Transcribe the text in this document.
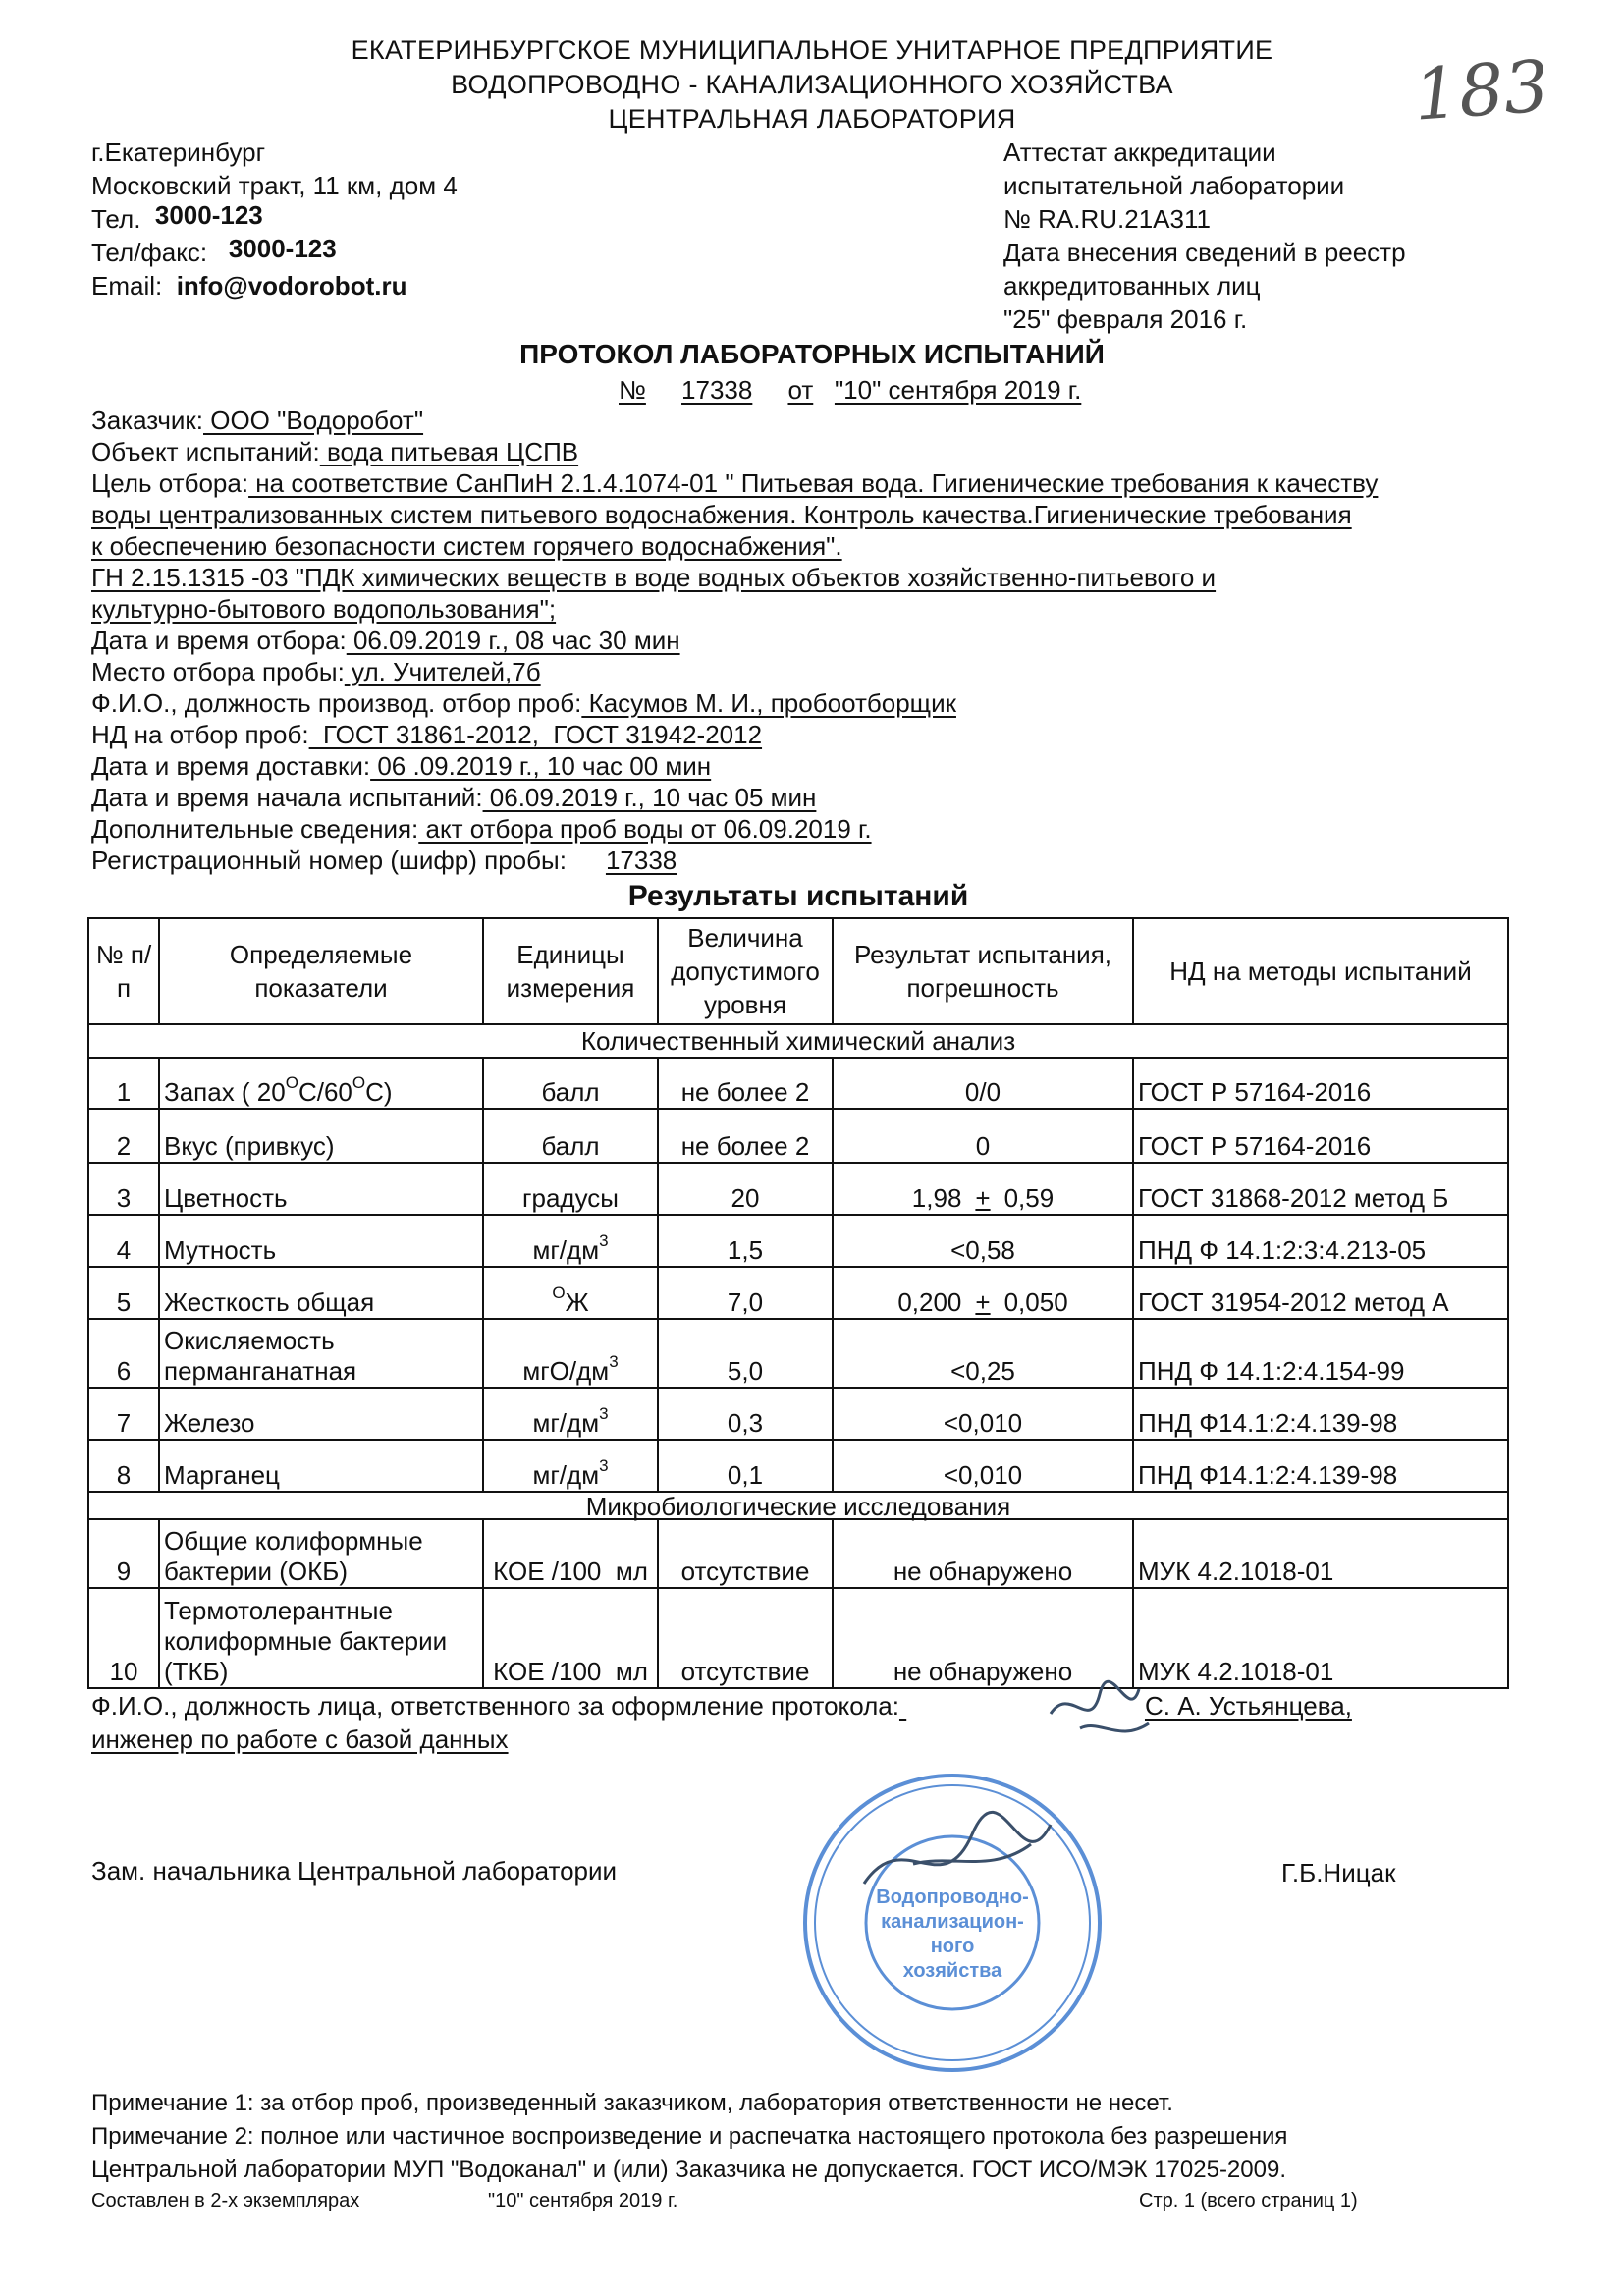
ЕКАТЕРИНБУРГСКОЕ МУНИЦИПАЛЬНОЕ УНИТАРНОЕ ПРЕДПРИЯТИЕ
ВОДОПРОВОДНО - КАНАЛИЗАЦИОННОГО ХОЗЯЙСТВА
ЦЕНТРАЛЬНАЯ ЛАБОРАТОРИЯ	183
г.Екатеринбург
Московский тракт, 11 км, дом 4
Тел. 3000-123
Тел/факс: 3000-123
Email: info@vodorobot.ru
Аттестат аккредитации
испытательной лаборатории
№ RA.RU.21A311
Дата внесения сведений в реестр
аккредитованных лиц
"25" февраля 2016 г.
ПРОТОКОЛ ЛАБОРАТОРНЫХ ИСПЫТАНИЙ
№ 17338 от "10" сентября 2019 г.
Заказчик: ООО "Водоробот"
Объект испытаний: вода питьевая ЦСПВ
Цель отбора: на соответствие СанПиН 2.1.4.1074-01 " Питьевая вода. Гигиенические требования к качеству
воды централизованных систем питьевого водоснабжения. Контроль качества.Гигиенические требования
к обеспечению безопасности систем горячего водоснабжения".
ГН 2.15.1315 -03 "ПДК химических веществ в воде водных объектов хозяйственно-питьевого и
культурно-бытового водопользования";
Дата и время отбора: 06.09.2019 г., 08 час 30 мин
Место отбора пробы: ул. Учителей,7б
Ф.И.О., должность производ. отбор проб: Касумов М. И., пробоотборщик
НД на отбор проб:  ГОСТ 31861-2012,  ГОСТ 31942-2012
Дата и время доставки: 06 .09.2019 г., 10 час 00 мин
Дата и время начала испытаний: 06.09.2019 г., 10 час 05 мин
Дополнительные сведения: акт отбора проб воды от 06.09.2019 г.
Регистрационный номер (шифр) пробы: 17338
Результаты испытаний
№ п/п	Определяемые показатели	Единицы измерения	Величина допустимого уровня	Результат испытания, погрешность	НД на методы испытаний
Количественный химический анализ					
1	Запах ( $20^ОС/60^ОС$)	балл	не более 2	0/0	ГОСТ Р 57164-2016
2	Вкус (привкус)	балл	не более 2	0	ГОСТ Р 57164-2016
3	Цветность	градусы	20	1,98 + 0,59	ГОСТ 31868-2012 метод Б
4	Мутность	$мг/дм^3$	1,5	<0,58	ПНД Ф 14.1:2:3:4.213-05
5	Жесткость общая	$^О$Ж	7,0	0,200 + 0,050	ГОСТ 31954-2012 метод А
6	Окисляемость
перманганатная	мгО/$дм^3$	5,0	<0,25	ПНД Ф 14.1:2:4.154-99
7	Железо	$мг/дм^3$	0,3	<0,010	ПНД Ф14.1:2:4.139-98
8	Марганец	$мг/дм^3$	0,1	<0,010	ПНД Ф14.1:2:4.139-98
Микробиологические исследования					
9	Общие колиформные
бактерии (ОКБ)	КОЕ /100  мл	отсутствие	не обнаружено	МУК 4.2.1018-01
10	Термотолерантные
колиформные бактерии
(ТКБ)	КОЕ /100  мл	отсутствие	не обнаружено	МУК 4.2.1018-01
Ф.И.О., должность лица, ответственного за оформление протокола:	С. А. Устьянцева,
инженер по работе с базой данных
Зам. начальника Центральной лаборатории	Г.Б.Ницак
Водопроводно-
канализацион-
ного
хозяйства
Примечание 1: за отбор проб, произведенный заказчиком, лаборатория ответственности не несет.
Примечание 2: полное или частичное воспроизведение и распечатка настоящего протокола без разрешения
Центральной лаборатории МУП "Водоканал" и (или) Заказчика не допускается. ГОСТ ИСО/МЭК 17025-2009.
Составлен в 2-х экземплярах	"10" сентября 2019 г.	Стр. 1 (всего страниц 1)
